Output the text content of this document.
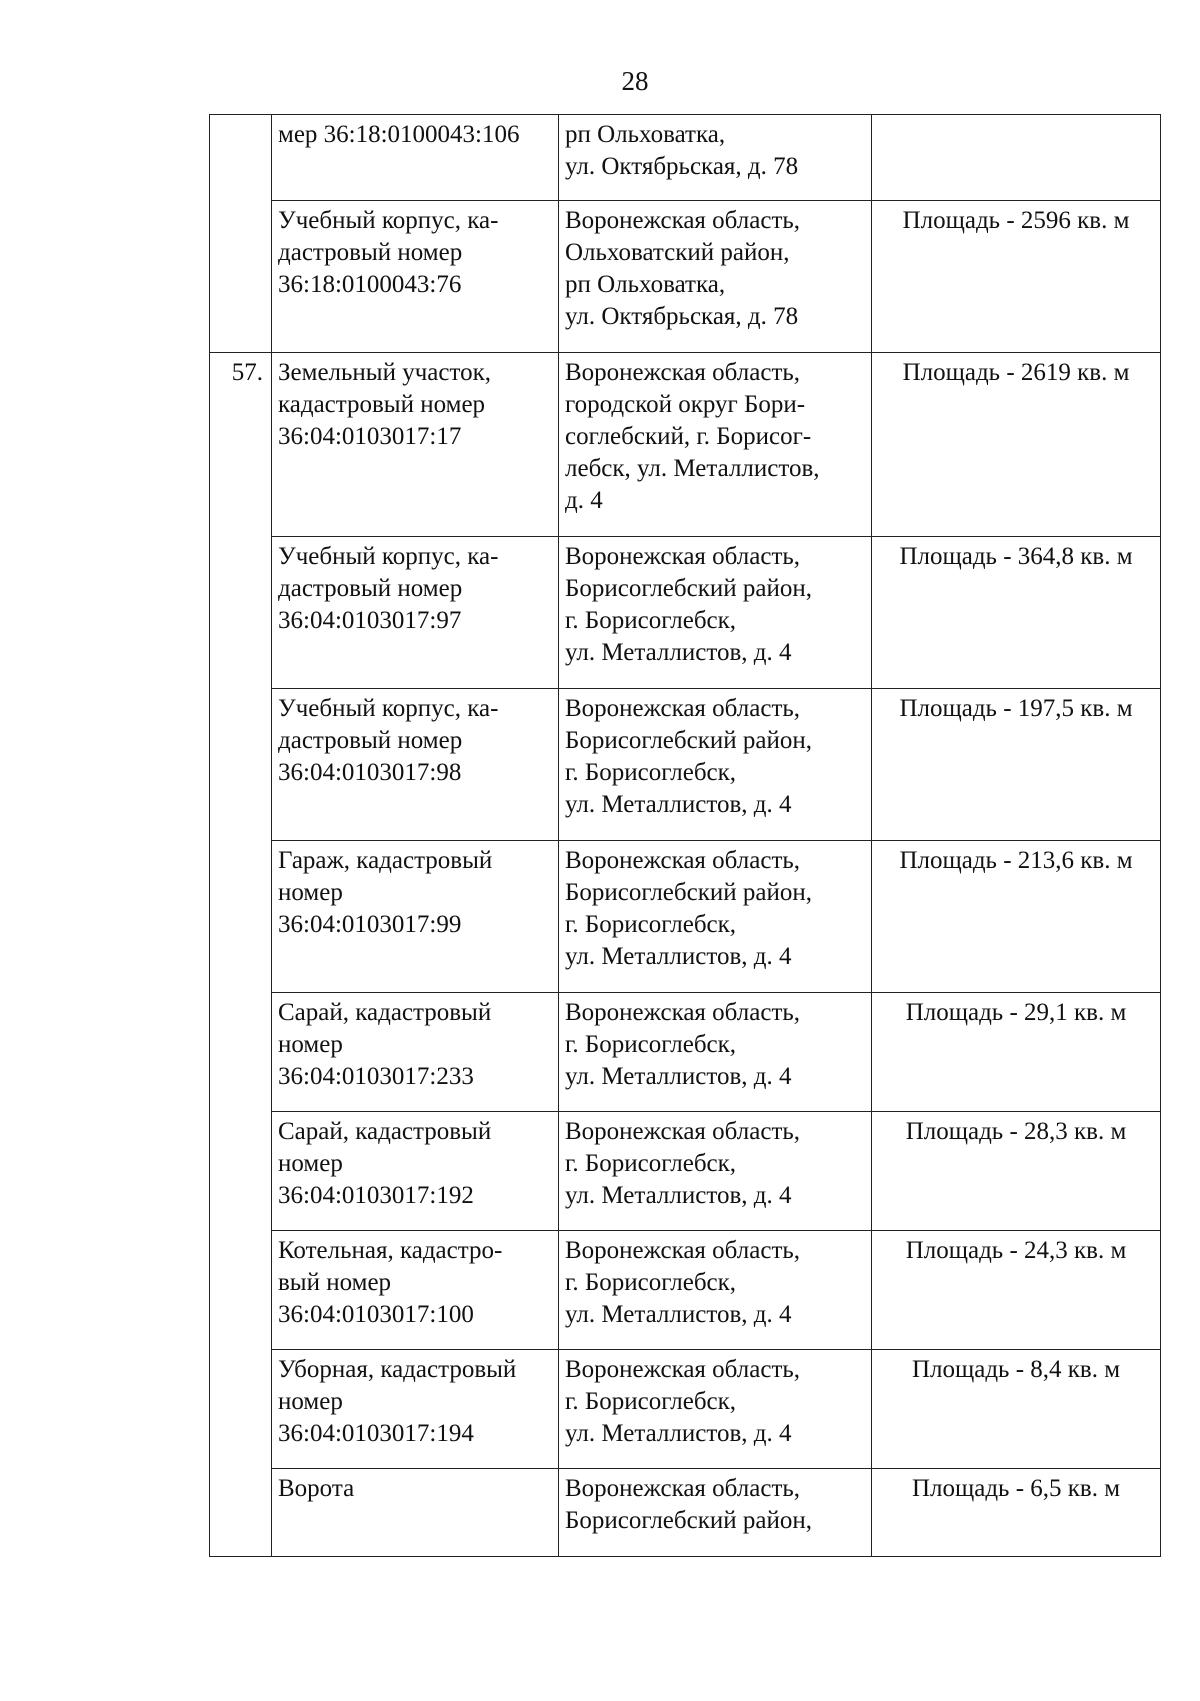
28
	мер 36:18:0100043:106	рп Ольховатка,
ул. Октябрьская, д. 78	
	Учебный корпус, ка-
дастровый номер
36:18:0100043:76	Воронежская область,
Ольховатский район,
рп Ольховатка,
ул. Октябрьская, д. 78	Площадь - 2596 кв. м
57.	Земельный участок,
кадастровый номер
36:04:0103017:17	Воронежская область,
городской округ Бори-
соглебский, г. Борисог-
лебск, ул. Металлистов,
д. 4	Площадь - 2619 кв. м
	Учебный корпус, ка-
дастровый номер
36:04:0103017:97	Воронежская область,
Борисоглебский район,
г. Борисоглебск,
ул. Металлистов, д. 4	Площадь - 364,8 кв. м
	Учебный корпус, ка-
дастровый номер
36:04:0103017:98	Воронежская область,
Борисоглебский район,
г. Борисоглебск,
ул. Металлистов, д. 4	Площадь - 197,5 кв. м
	Гараж, кадастровый
номер
36:04:0103017:99	Воронежская область,
Борисоглебский район,
г. Борисоглебск,
ул. Металлистов, д. 4	Площадь - 213,6 кв. м
	Сарай, кадастровый
номер
36:04:0103017:233	Воронежская область,
г. Борисоглебск,
ул. Металлистов, д. 4	Площадь - 29,1 кв. м
	Сарай, кадастровый
номер
36:04:0103017:192	Воронежская область,
г. Борисоглебск,
ул. Металлистов, д. 4	Площадь - 28,3 кв. м
	Котельная, кадастро-
вый номер
36:04:0103017:100	Воронежская область,
г. Борисоглебск,
ул. Металлистов, д. 4	Площадь - 24,3 кв. м
	Уборная, кадастровый
номер
36:04:0103017:194	Воронежская область,
г. Борисоглебск,
ул. Металлистов, д. 4	Площадь - 8,4 кв. м
	Ворота	Воронежская область,
Борисоглебский район,	Площадь - 6,5 кв. м
